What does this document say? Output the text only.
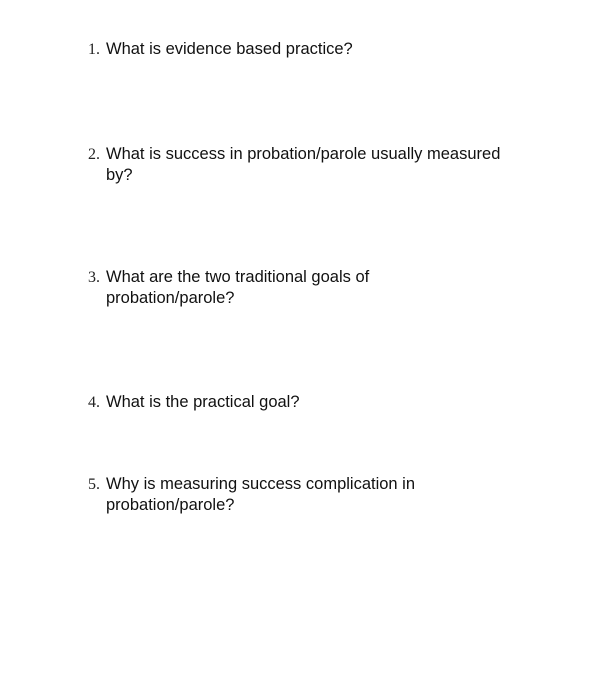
1. What is evidence based practice?
2. What is success in probation/parole usually measured
by?
3. What are the two traditional goals of
probation/parole?
4. What is the practical goal?
5. Why is measuring success complication in
probation/parole?
